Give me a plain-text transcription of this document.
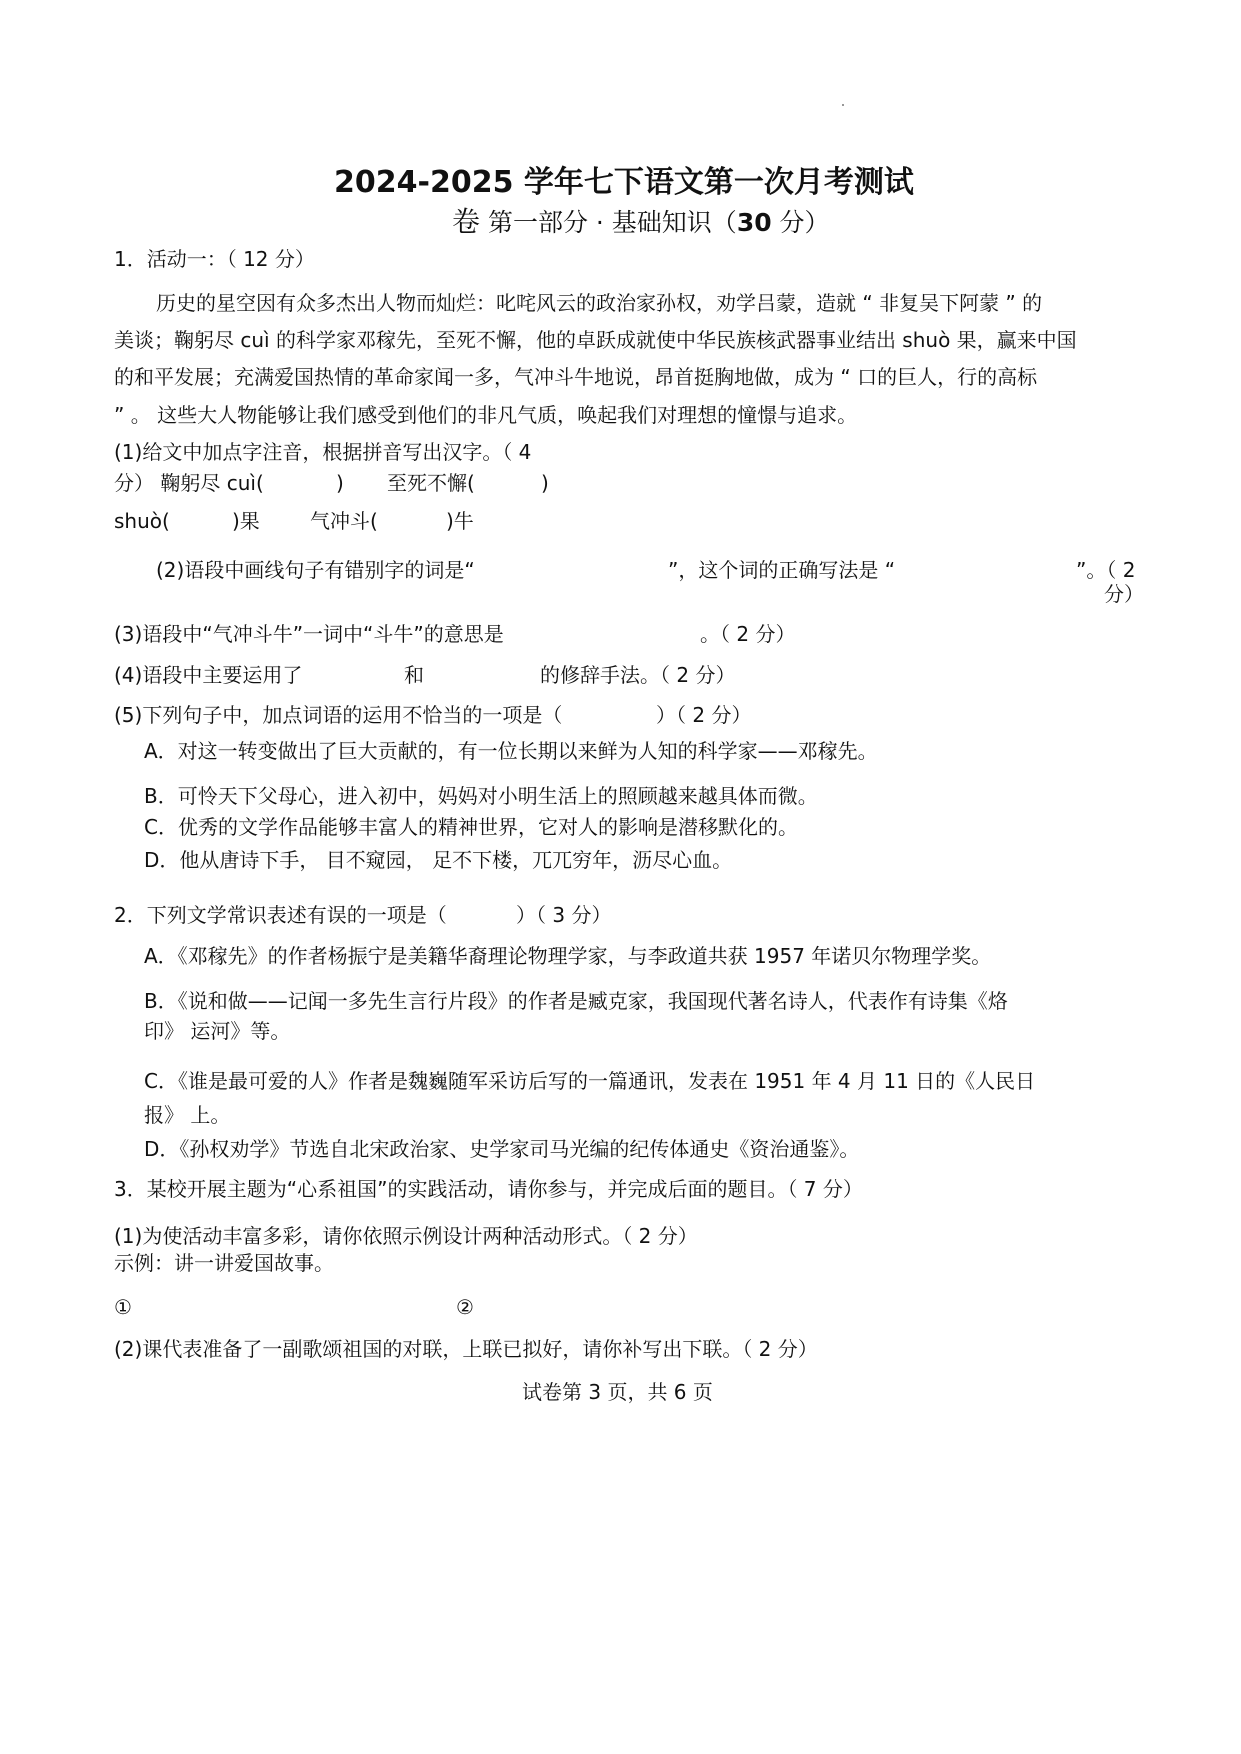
2024-2025 学年七下语文第一次月考测试
卷 第一部分 · 基础知识（30 分）
1．活动一：（ 12 分）
历史的星空因有众多杰出人物而灿烂：叱咤风云的政治家孙权，劝学吕蒙，造就 “ 非复吴下阿蒙 ” 的
美谈；鞠躬尽 cuì 的科学家邓稼先，至死不懈，他的卓跃成就使中华民族核武器事业结出 shuò 果，赢来中国
的和平发展；充满爱国热情的革命家闻一多，气冲斗牛地说，昂首挺胸地做，成为 “ 口的巨人，行的高标
” 。 这些大人物能够让我们感受到他们的非凡气质，唤起我们对理想的憧憬与追求。
(1)给文中加点字注音，根据拼音写出汉字。（ 4
分） 鞠躬尽 cuì(	) 至死不懈(	)
shuò(	)果	气冲斗(	)牛
(2)语段中画线句子有错别字的词是“	”，这个词的正确写法是 “	”。（ 2
分）
(3)语段中“气冲斗牛”一词中“斗牛”的意思是	。（ 2 分）
(4)语段中主要运用了	和	的修辞手法。（ 2 分）
(5)下列句子中，加点词语的运用不恰当的一项是（	）（ 2 分）
A．对这一转变做出了巨大贡献的，有一位长期以来鲜为人知的科学家——邓稼先。
B．可怜天下父母心，进入初中，妈妈对小明生活上的照顾越来越具体而微。
C．优秀的文学作品能够丰富人的精神世界，它对人的影响是潜移默化的。
D．他从唐诗下手， 目不窥园， 足不下楼，兀兀穷年，沥尽心血。
2．下列文学常识表述有误的一项是（	）（ 3 分）
A．《邓稼先》的作者杨振宁是美籍华裔理论物理学家，与李政道共获 1957 年诺贝尔物理学奖。
B．《说和做——记闻一多先生言行片段》的作者是臧克家，我国现代著名诗人，代表作有诗集《烙
印》 运河》等。
C．《谁是最可爱的人》作者是魏巍随军采访后写的一篇通讯，发表在 1951 年 4 月 11 日的《人民日
报》 上。
D．《孙权劝学》节选自北宋政治家、史学家司马光编的纪传体通史《资治通鉴》。
3．某校开展主题为“心系祖国”的实践活动，请你参与，并完成后面的题目。（ 7 分）
(1)为使活动丰富多彩，请你依照示例设计两种活动形式。（ 2 分）
示例：讲一讲爱国故事。
①	②
(2)课代表准备了一副歌颂祖国的对联，上联已拟好，请你补写出下联。（ 2 分）
试卷第 3 页，共 6 页
